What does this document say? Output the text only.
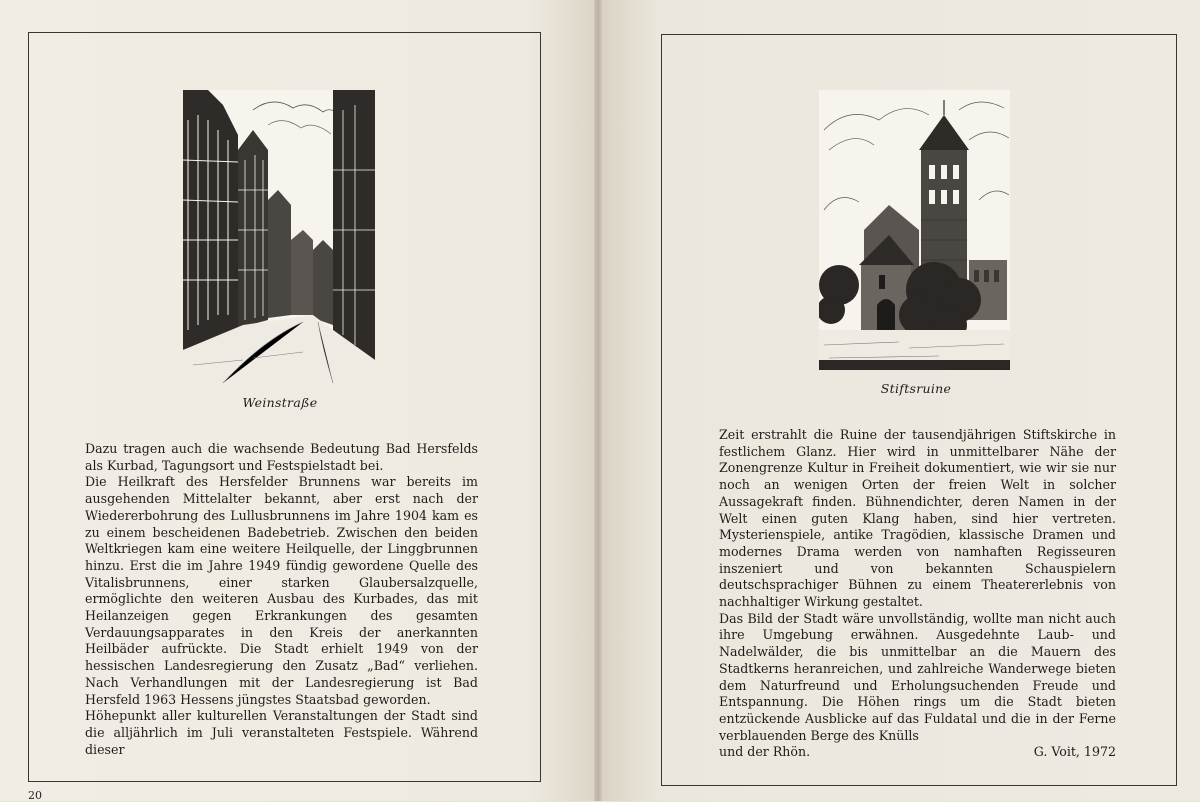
Weinstraße

Dazu tragen auch die wachsende Bedeutung Bad Hersfelds als Kurbad, Tagungsort und Festspielstadt bei.

Die Heilkraft des Hersfelder Brunnens war bereits im ausgehenden Mittelalter bekannt, aber erst nach der Wiedererbohrung des Lullusbrunnens im Jahre 1904 kam es zu einem bescheidenen Badebetrieb. Zwischen den beiden Weltkriegen kam eine weitere Heilquelle, der Linggbrunnen hinzu. Erst die im Jahre 1949 fündig gewordene Quelle des Vitalisbrunnens, einer starken Glaubersalzquelle, ermöglichte den weiteren Ausbau des Kurbades, das mit Heilanzeigen gegen Erkrankungen des gesamten Verdauungsapparates in den Kreis der anerkannten Heilbäder aufrückte. Die Stadt erhielt 1949 von der hessischen Landesregierung den Zusatz „Bad“ verliehen. Nach Verhandlungen mit der Landesregierung ist Bad Hersfeld 1963 Hessens jüngstes Staatsbad geworden.

Höhepunkt aller kulturellen Veranstaltungen der Stadt sind die alljährlich im Juli veranstalteten Festspiele. Während dieser

Stiftsruine

Zeit erstrahlt die Ruine der tausendjährigen Stiftskirche in festlichem Glanz. Hier wird in unmittelbarer Nähe der Zonengrenze Kultur in Freiheit dokumentiert, wie wir sie nur noch an wenigen Orten der freien Welt in solcher Aussagekraft finden. Bühnendichter, deren Namen in der Welt einen guten Klang haben, sind hier vertreten. Mysterienspiele, antike Tragödien, klassische Dramen und modernes Drama werden von namhaften Regisseuren inszeniert und von bekannten Schauspielern deutschsprachiger Bühnen zu einem Theatererlebnis von nachhaltiger Wirkung gestaltet.

Das Bild der Stadt wäre unvollständig, wollte man nicht auch ihre Umgebung erwähnen. Ausgedehnte Laub- und Nadelwälder, die bis unmittelbar an die Mauern des Stadtkerns heranreichen, und zahlreiche Wanderwege bieten dem Naturfreund und Erholungsuchenden Freude und Entspannung. Die Höhen rings um die Stadt bieten entzückende Ausblicke auf das Fuldatal und die in der Ferne verblauenden Berge des Knülls

und der Rhön.	G. Voit, 1972
20
